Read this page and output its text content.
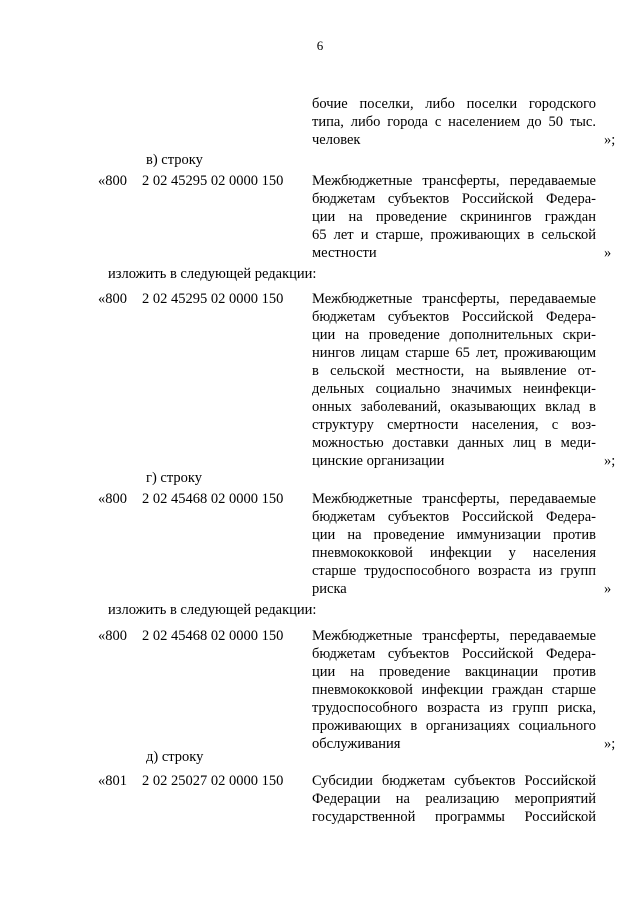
6
бочие поселки, либо поселки городского
типа, либо города с населением до 50 тыс.
человек	»;
в) строку
«800 2 02 45295 02 0000 150 Межбюджетные трансферты, передаваемые
бюджетам субъектов Российской Федера-
ции на проведение скринингов граждан
65 лет и старше, проживающих в сельской
местности	»
изложить в следующей редакции:
«800 2 02 45295 02 0000 150 Межбюджетные трансферты, передаваемые
бюджетам субъектов Российской Федера-
ции на проведение дополнительных скри-
нингов лицам старше 65 лет, проживающим
в сельской местности, на выявление от-
дельных социально значимых неинфекци-
онных заболеваний, оказывающих вклад в
структуру смертности населения, с воз-
можностью доставки данных лиц в меди-
цинские организации	»;
г) строку
«800 2 02 45468 02 0000 150 Межбюджетные трансферты, передаваемые
бюджетам субъектов Российской Федера-
ции на проведение иммунизации против
пневмококковой инфекции у населения
старше трудоспособного возраста из групп
риска	»
изложить в следующей редакции:
«800 2 02 45468 02 0000 150 Межбюджетные трансферты, передаваемые
бюджетам субъектов Российской Федера-
ции на проведение вакцинации против
пневмококковой инфекции граждан старше
трудоспособного возраста из групп риска,
проживающих в организациях социального
обслуживания	»;
д) строку
«801 2 02 25027 02 0000 150 Субсидии бюджетам субъектов Российской
Федерации на реализацию мероприятий
государственной программы Российской
